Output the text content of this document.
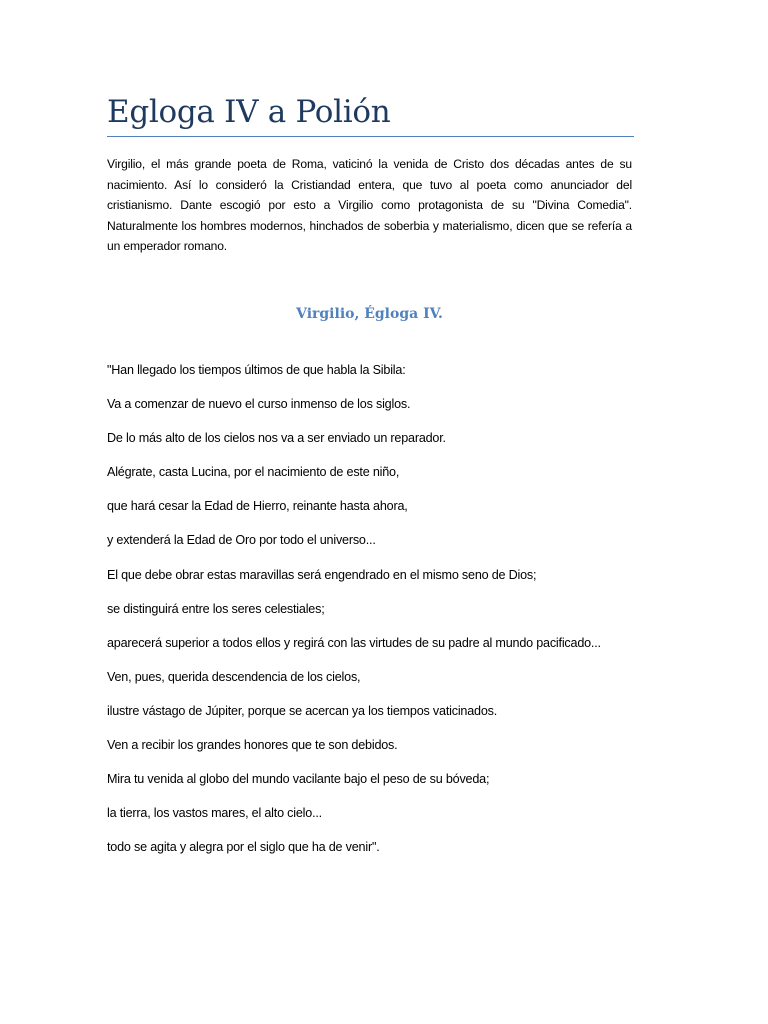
Egloga IV a Polión

Virgilio, el más grande poeta de Roma, vaticinó la venida de Cristo dos décadas antes de su nacimiento. Así lo consideró la Cristiandad entera, que tuvo al poeta como anunciador del cristianismo. Dante escogió por esto a Virgilio como protagonista de su "Divina Comedia". Naturalmente los hombres modernos, hinchados de soberbia y materialismo, dicen que se refería a un emperador romano.

Virgilio, Égloga IV.
"Han llegado los tiempos últimos de que habla la Sibila:
Va a comenzar de nuevo el curso inmenso de los siglos.
De lo más alto de los cielos nos va a ser enviado un reparador.
Alégrate, casta Lucina, por el nacimiento de este niño,
que hará cesar la Edad de Hierro, reinante hasta ahora,
y extenderá la Edad de Oro por todo el universo...
El que debe obrar estas maravillas será engendrado en el mismo seno de Dios;
se distinguirá entre los seres celestiales;
aparecerá superior a todos ellos y regirá con las virtudes de su padre al mundo pacificado...
Ven, pues, querida descendencia de los cielos,
ilustre vástago de Júpiter, porque se acercan ya los tiempos vaticinados.
Ven a recibir los grandes honores que te son debidos.
Mira tu venida al globo del mundo vacilante bajo el peso de su bóveda;
la tierra, los vastos mares, el alto cielo...
todo se agita y alegra por el siglo que ha de venir".
